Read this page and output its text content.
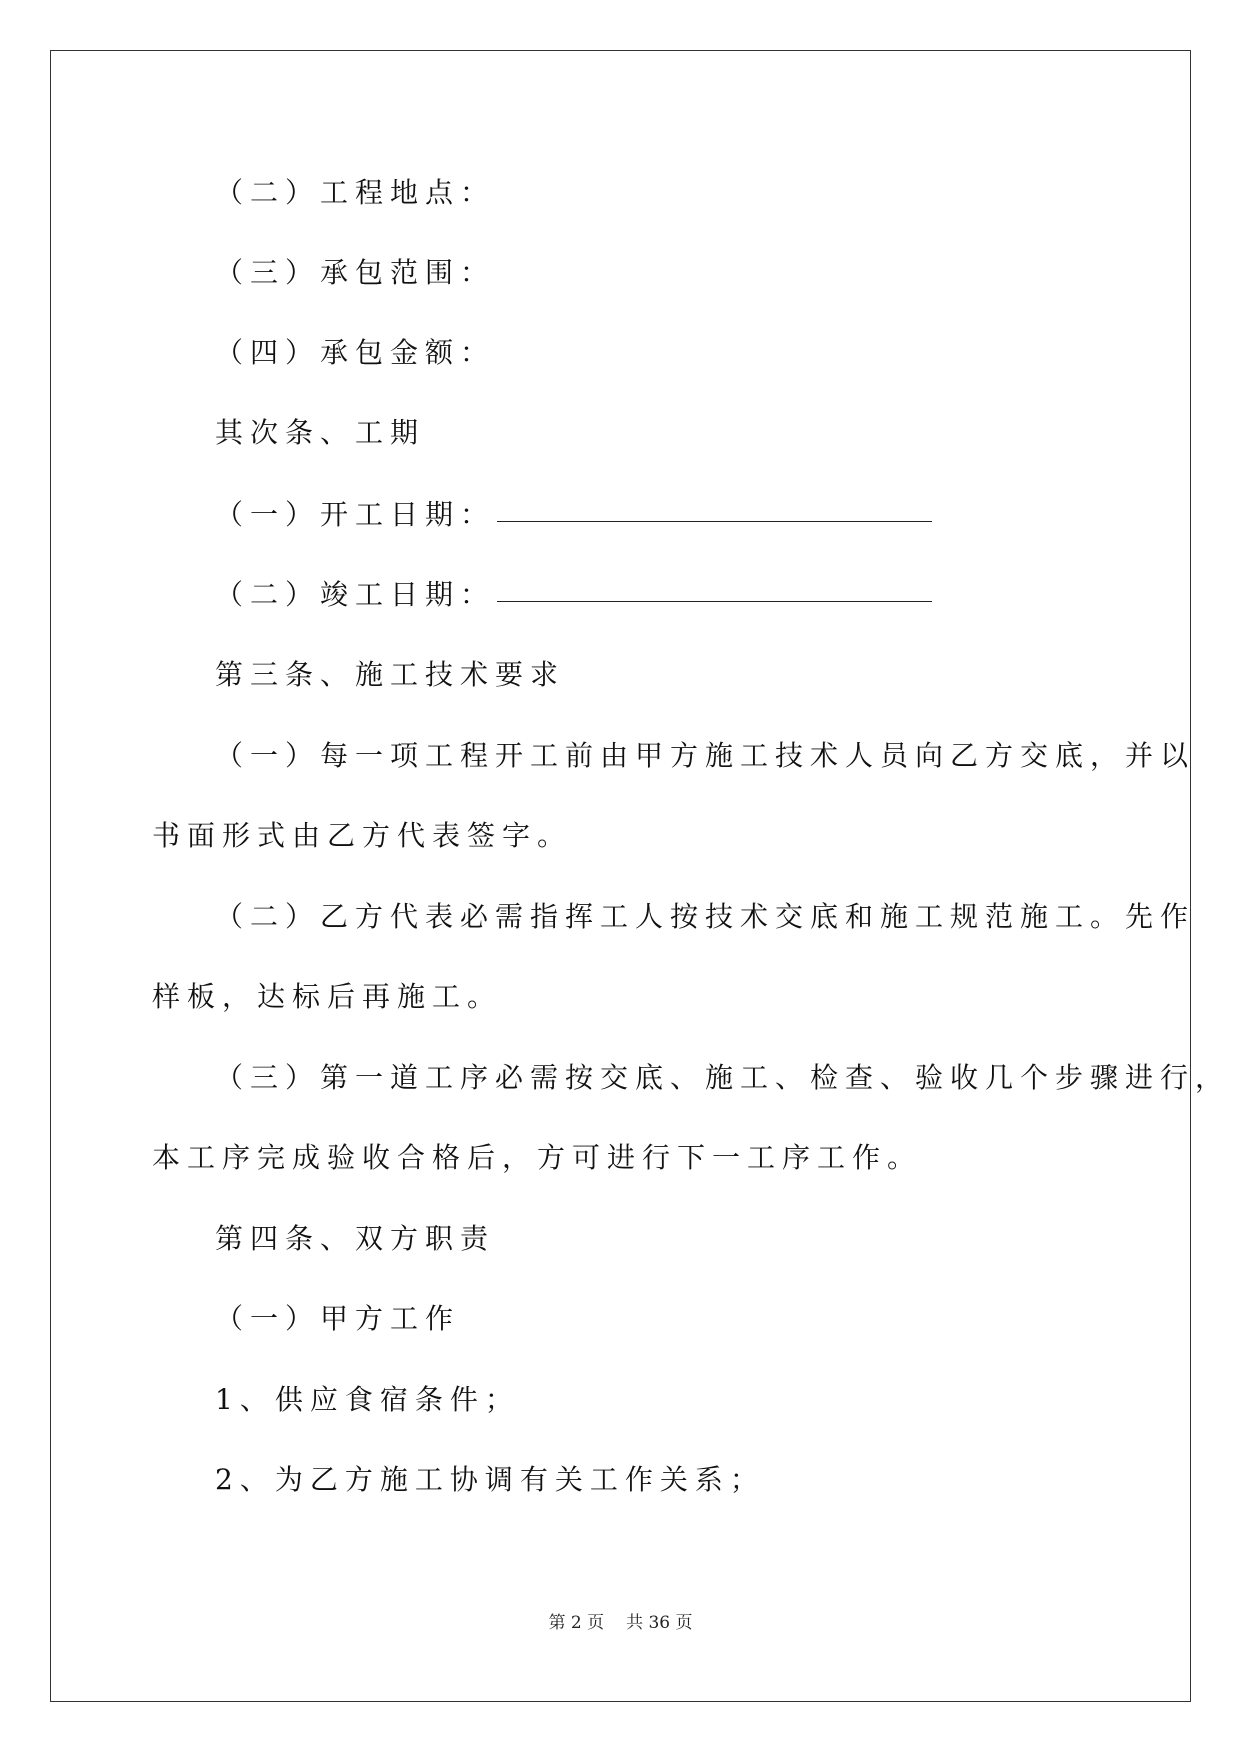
（二）工程地点：
（三）承包范围：
（四）承包金额：
其次条、工期
（一）开工日期：
（二）竣工日期：
第三条、施工技术要求
（一）每一项工程开工前由甲方施工技术人员向乙方交底，并以
书面形式由乙方代表签字。
（二）乙方代表必需指挥工人按技术交底和施工规范施工。先作
样板，达标后再施工。
（三）第一道工序必需按交底、施工、检查、验收几个步骤进行，
本工序完成验收合格后，方可进行下一工序工作。
第四条、双方职责
（一）甲方工作
1、供应食宿条件；
2、为乙方施工协调有关工作关系；
第 2 页 共 36 页
